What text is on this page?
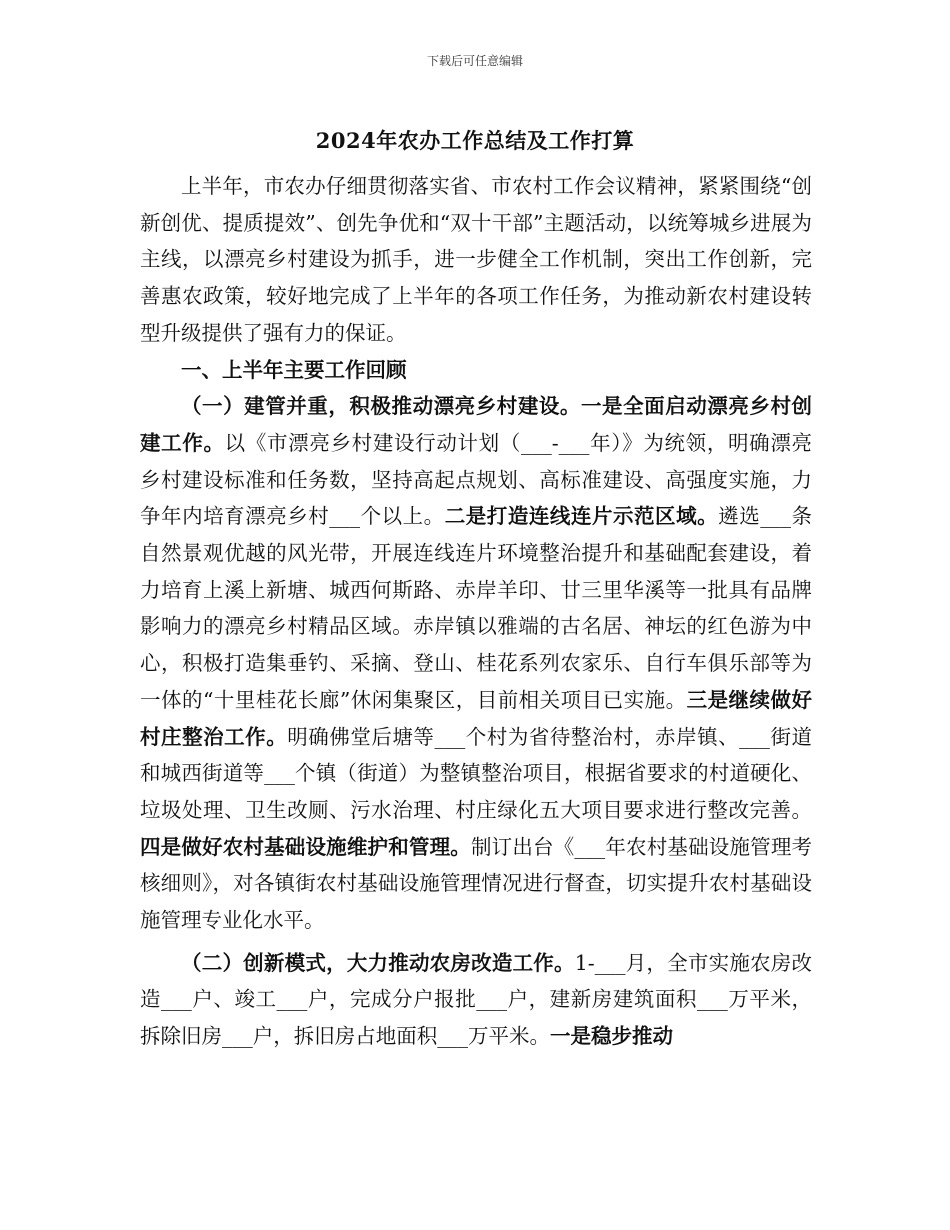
下载后可任意编辑
2024年农办工作总结及工作打算

上半年，市农办仔细贯彻落实省、市农村工作会议精神，紧紧围绕“创新创优、提质提效”、创先争优和“双十干部”主题活动，以统筹城乡进展为主线，以漂亮乡村建设为抓手，进一步健全工作机制，突出工作创新，完善惠农政策，较好地完成了上半年的各项工作任务，为推动新农村建设转型升级提供了强有力的保证。

一、上半年主要工作回顾

（一）建管并重，积极推动漂亮乡村建设。一是全面启动漂亮乡村创建工作。以《市漂亮乡村建设行动计划（___-___年）》为统领，明确漂亮乡村建设标准和任务数，坚持高起点规划、高标准建设、高强度实施，力争年内培育漂亮乡村___个以上。二是打造连线连片示范区域。遴选___条自然景观优越的风光带，开展连线连片环境整治提升和基础配套建设，着力培育上溪上新塘、城西何斯路、赤岸羊印、廿三里华溪等一批具有品牌影响力的漂亮乡村精品区域。赤岸镇以雅端的古名居、神坛的红色游为中心，积极打造集垂钓、采摘、登山、桂花系列农家乐、自行车俱乐部等为一体的“十里桂花长廊”休闲集聚区，目前相关项目已实施。三是继续做好村庄整治工作。明确佛堂后塘等___个村为省待整治村，赤岸镇、___街道和城西街道等___个镇（街道）为整镇整治项目，根据省要求的村道硬化、垃圾处理、卫生改厕、污水治理、村庄绿化五大项目要求进行整改完善。四是做好农村基础设施维护和管理。制订出台《___年农村基础设施管理考核细则》，对各镇街农村基础设施管理情况进行督查，切实提升农村基础设施管理专业化水平。

（二）创新模式，大力推动农房改造工作。1-___月，全市实施农房改造___户、竣工___户，完成分户报批___户，建新房建筑面积___万平米，拆除旧房___户，拆旧房占地面积___万平米。一是稳步推动
